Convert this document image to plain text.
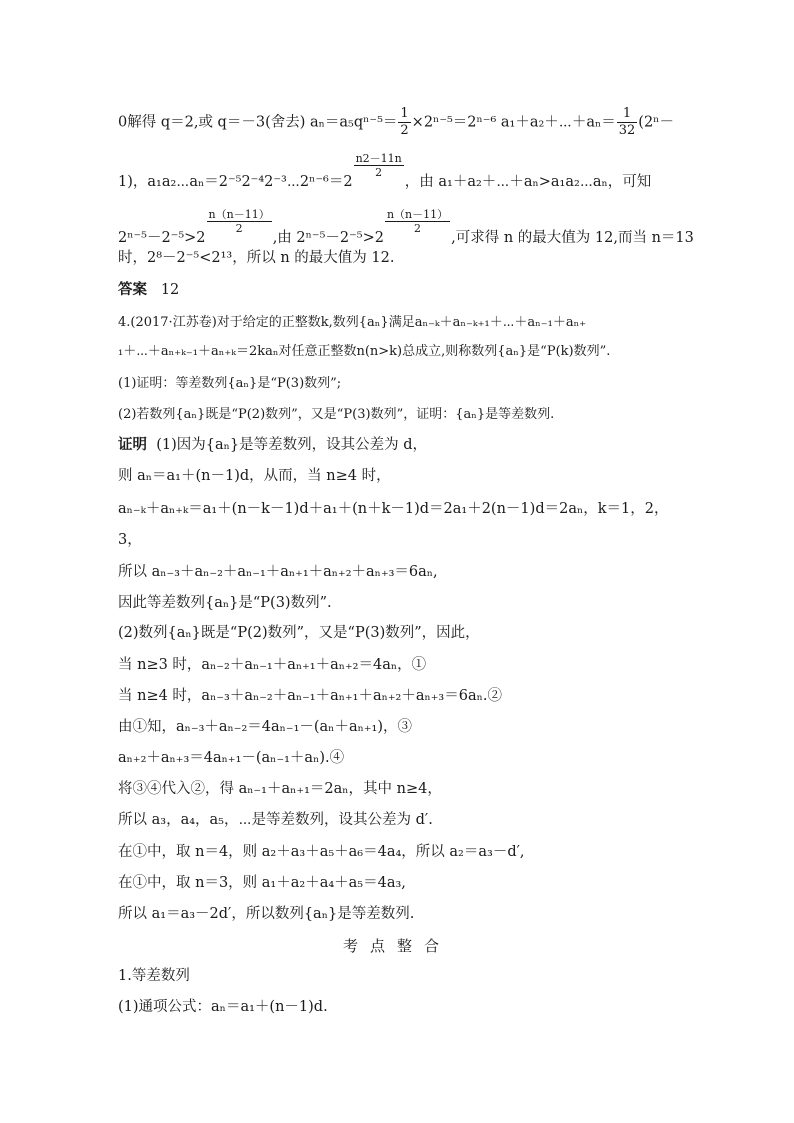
0解得 q＝2,或 q＝－3(舍去) $a_n=a_5q^{n-5}= \frac{1}{2} \times 2^{n-5}=2^{n-6}$ a₁＋a₂＋⋯＋aₙ＝ $\frac{1}{32} (2^n-$
1)，a₁a₂⋯aₙ＝2⁻⁵2⁻⁴2⁻³⋯2ⁿ⁻⁶＝2
$\frac{n2-11n}{2}$
，由 a₁＋a₂＋⋯＋aₙ>a₁a₂⋯aₙ，可知
2ⁿ⁻⁵－2⁻⁵>2
$\frac{n(n-11)}{2}$
,由 2ⁿ⁻⁵－2⁻⁵>2
$\frac{n(n-11)}{2}$
,可求得 n 的最大值为 12,而当 n＝13
时，2⁸－2⁻⁵<2¹³，所以 n 的最大值为 12.
答案 12
4.(2017·江苏卷)对于给定的正整数k,数列{aₙ}满足aₙ₋ₖ＋aₙ₋ₖ₊₁＋⋯＋aₙ₋₁＋aₙ₊
₁＋⋯＋aₙ₊ₖ₋₁＋aₙ₊ₖ＝2kaₙ对任意正整数n(n>k)总成立,则称数列{aₙ}是“P(k)数列”.
(1)证明：等差数列{aₙ}是“P(3)数列”;
(2)若数列{aₙ}既是“P(2)数列”，又是“P(3)数列”，证明：{aₙ}是等差数列.
证明 (1)因为{aₙ}是等差数列，设其公差为 d，
则 aₙ＝a₁＋(n－1)d，从而，当 n≥4 时，
aₙ₋ₖ＋aₙ₊ₖ＝a₁＋(n－k－1)d＋a₁＋(n＋k－1)d＝2a₁＋2(n－1)d＝2aₙ，k＝1，2，
3，
所以 aₙ₋₃＋aₙ₋₂＋aₙ₋₁＋aₙ₊₁＋aₙ₊₂＋aₙ₊₃＝6aₙ,
因此等差数列{aₙ}是“P(3)数列”.
(2)数列{aₙ}既是“P(2)数列”，又是“P(3)数列”，因此，
当 n≥3 时，aₙ₋₂＋aₙ₋₁＋aₙ₊₁＋aₙ₊₂＝4aₙ，①
当 n≥4 时，aₙ₋₃＋aₙ₋₂＋aₙ₋₁＋aₙ₊₁＋aₙ₊₂＋aₙ₊₃＝6aₙ.②
由①知，aₙ₋₃＋aₙ₋₂＝4aₙ₋₁－(aₙ＋aₙ₊₁)，③
aₙ₊₂＋aₙ₊₃＝4aₙ₊₁－(aₙ₋₁＋aₙ).④
将③④代入②，得 aₙ₋₁＋aₙ₊₁＝2aₙ，其中 n≥4，
所以 a₃，a₄，a₅，⋯是等差数列，设其公差为 d′.
在①中，取 n＝4，则 a₂＋a₃＋a₅＋a₆＝4a₄，所以 a₂＝a₃－d′,
在①中，取 n＝3，则 a₁＋a₂＋a₄＋a₅＝4a₃,
所以 a₁＝a₃－2d′，所以数列{aₙ}是等差数列.
考点整合
1.等差数列
(1)通项公式：aₙ＝a₁＋(n－1)d.
